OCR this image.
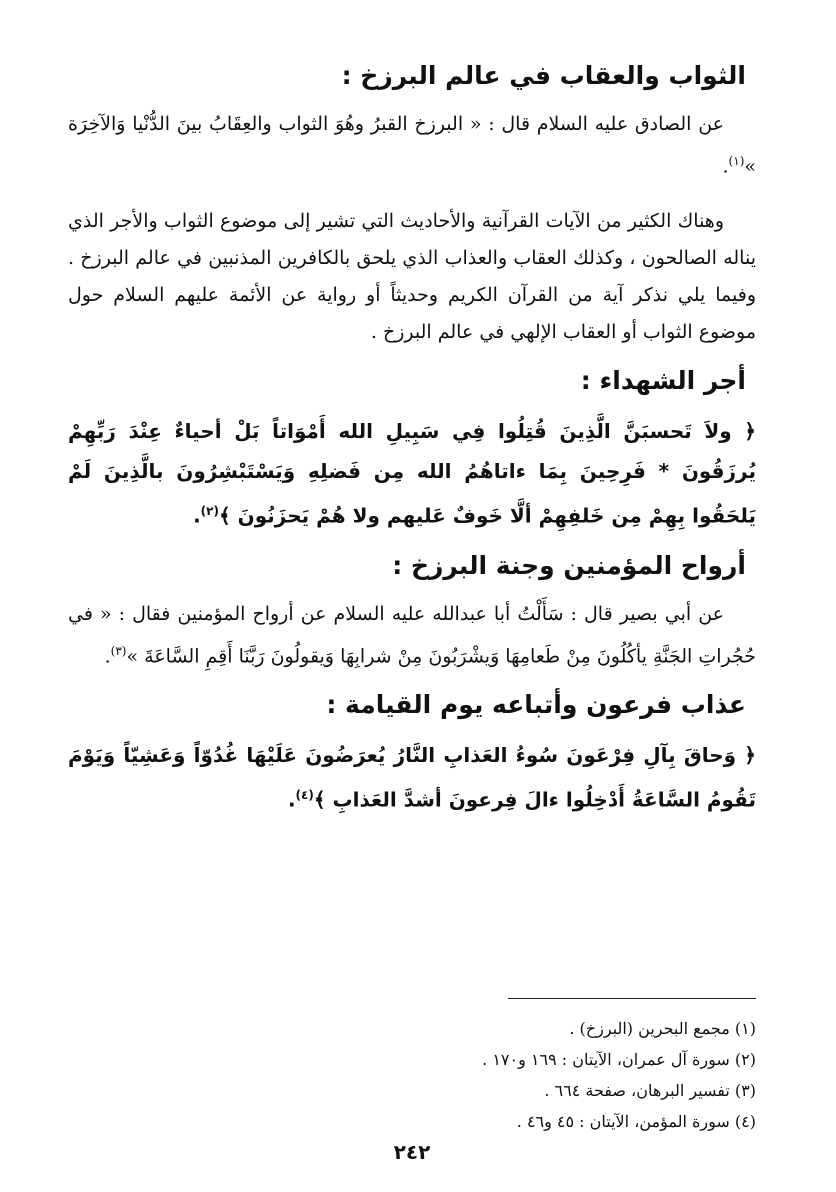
الثواب والعقاب في عالم البرزخ :

عن الصادق عليه السلام قال : « البرزخ القبرُ وهُوَ الثواب والعِقَابُ بينَ الدُّنْيا وَالآخِرَة »$^{(١)}$.

وهناك الكثير من الآيات القرآنية والأحاديث التي تشير إلى موضوع الثواب والأجر الذي يناله الصالحون ، وكذلك العقاب والعذاب الذي يلحق بالكافرين المذنبين في عالم البرزخ . وفيما يلي نذكر آية من القرآن الكريم وحديثاً أو رواية عن الأئمة عليهم السلام حول موضوع الثواب أو العقاب الإلهي في عالم البرزخ .

أجر الشهداء :

﴿ ولاَ تَحسبَنَّ الَّذِينَ قُتِلُوا فِي سَبِيلِ الله أَمْوَاتاً بَلْ أحياءٌ عِنْدَ رَبِّهِمْ يُرزَقُونَ * فَرِحِينَ بِمَا ءاتاهُمُ الله مِن فَضلِهِ وَيَسْتَبْشِرُونَ بالَّذِينَ لَمْ يَلحَقُوا بِهِمْ مِن خَلفِهِمْ ألَّا خَوفٌ عَليهم ولا هُمْ يَحزَنُونَ ﴾$^{(٢)}$.

أرواح المؤمنين وجنة البرزخ :

عن أبي بصير قال : سَأَلْتُ أبا عبدالله عليه السلام عن أرواح المؤمنين فقال : « في حُجُراتِ الجَنَّةِ يأكُلُونَ مِنْ طَعامِهَا وَيشْرَبُونَ مِنْ شرابِهَا وَيقولُونَ رَبَّنَا أَقِمِ السَّاعَةَ »$^{(٣)}$.

عذاب فرعون وأتباعه يوم القيامة :

﴿ وَحاقَ بِآلِ فِرْعَونَ سُوءُ العَذابِ النَّارُ يُعرَضُونَ عَلَيْهَا غُدُوّاً وَعَشِيّاً وَيَوْمَ تَقُومُ السَّاعَةُ أَدْخِلُوا ءالَ فِرعونَ أشدَّ العَذابِ ﴾$^{(٤)}$.

(١) مجمع البحرين (البرزخ) .
(٢) سورة آل عمران، الآيتان : ١٦٩ و١٧٠ .
(٣) تفسير البرهان، صفحة ٦٦٤ .
(٤) سورة المؤمن، الآيتان : ٤٥ و٤٦ .
٢٤٢
